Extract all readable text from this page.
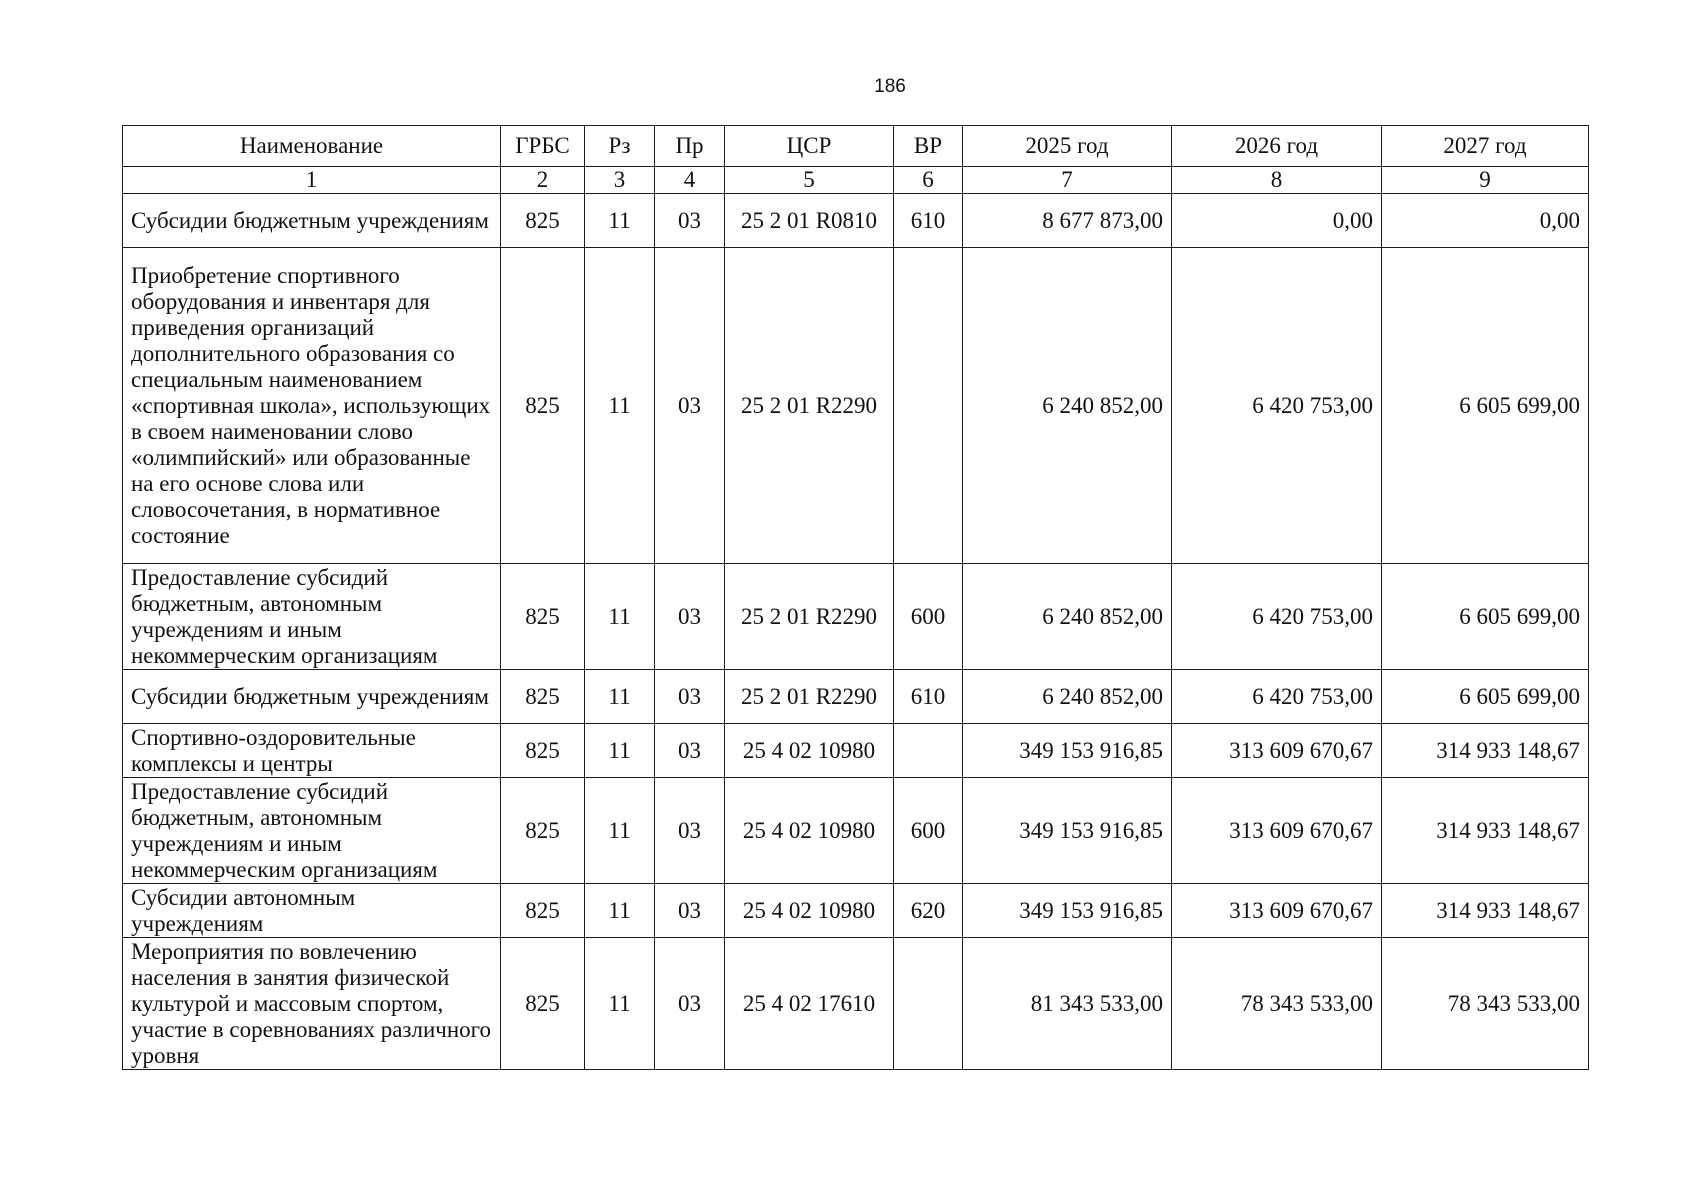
186
Наименование	ГРБС	Рз	Пр	ЦСР	ВР	2025 год	2026 год	2027 год
1	2	3	4	5	6	7	8	9
Субсидии бюджетным учреждениям	825	11	03	25 2 01 R0810	610	8 677 873,00	0,00	0,00
Приобретение спортивного оборудования и инвентаря для приведения организаций дополнительного образования со специальным наименованием «спортивная школа», использующих в своем наименовании слово «олимпийский» или образованные на его основе слова или словосочетания, в нормативное состояние	825	11	03	25 2 01 R2290		6 240 852,00	6 420 753,00	6 605 699,00
Предоставление субсидий бюджетным, автономным учреждениям и иным некоммерческим организациям	825	11	03	25 2 01 R2290	600	6 240 852,00	6 420 753,00	6 605 699,00
Субсидии бюджетным учреждениям	825	11	03	25 2 01 R2290	610	6 240 852,00	6 420 753,00	6 605 699,00
Спортивно-оздоровительные комплексы и центры	825	11	03	25 4 02 10980		349 153 916,85	313 609 670,67	314 933 148,67
Предоставление субсидий бюджетным, автономным учреждениям и иным некоммерческим организациям	825	11	03	25 4 02 10980	600	349 153 916,85	313 609 670,67	314 933 148,67
Субсидии автономным учреждениям	825	11	03	25 4 02 10980	620	349 153 916,85	313 609 670,67	314 933 148,67
Мероприятия по вовлечению населения в занятия физической культурой и массовым спортом, участие в соревнованиях различного уровня	825	11	03	25 4 02 17610		81 343 533,00	78 343 533,00	78 343 533,00
